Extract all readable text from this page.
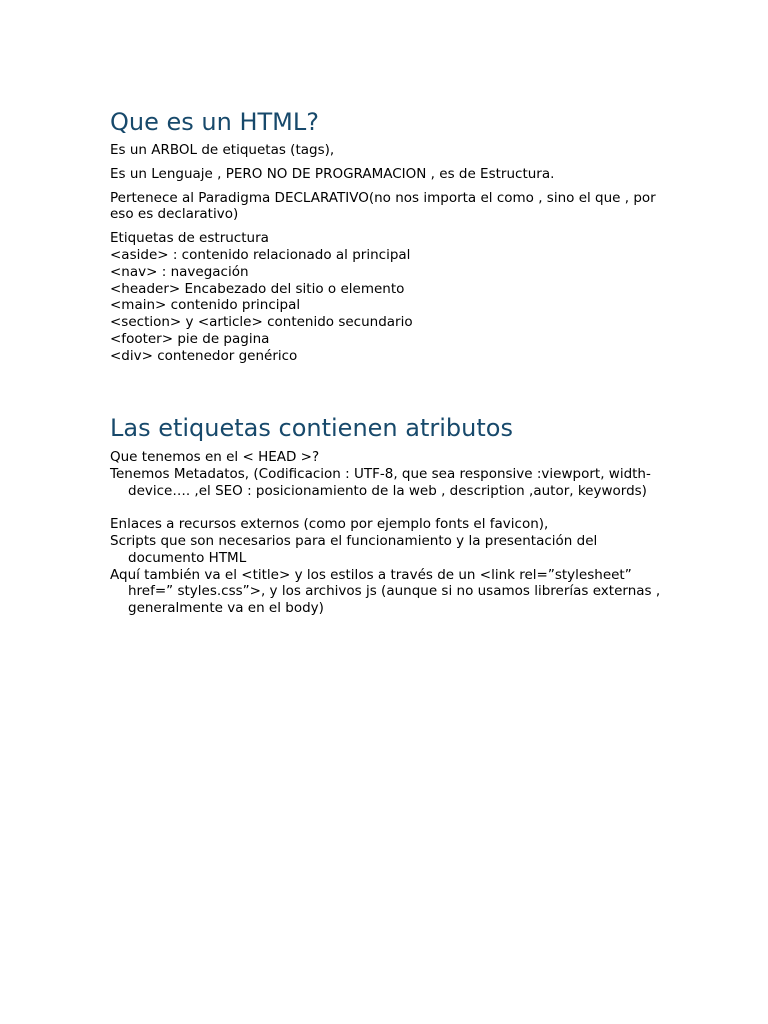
Que es un HTML?

Es un ARBOL de etiquetas (tags),

Es un Lenguaje , PERO NO DE PROGRAMACION , es de Estructura.

Pertenece al Paradigma DECLARATIVO(no nos importa el como , sino el que , por eso es declarativo)

Etiquetas de estructura

<aside> : contenido relacionado al principal

<nav> : navegación

<header> Encabezado del sitio o elemento

<main> contenido principal

<section> y <article> contenido secundario

<footer> pie de pagina

<div> contenedor genérico

Las etiquetas contienen atributos

Que tenemos en el < HEAD >?

Tenemos Metadatos, (Codificacion : UTF-8, que sea responsive :viewport, width-device…. ,el SEO : posicionamiento de la web , description ,autor, keywords)

Enlaces a recursos externos (como por ejemplo fonts el favicon),

Scripts que son necesarios para el funcionamiento y la presentación del documento HTML

Aquí también va el <title> y los estilos a través de un <link rel=”stylesheet” href=” styles.css”>, y los archivos js (aunque si no usamos librerías externas , generalmente va en el body)
